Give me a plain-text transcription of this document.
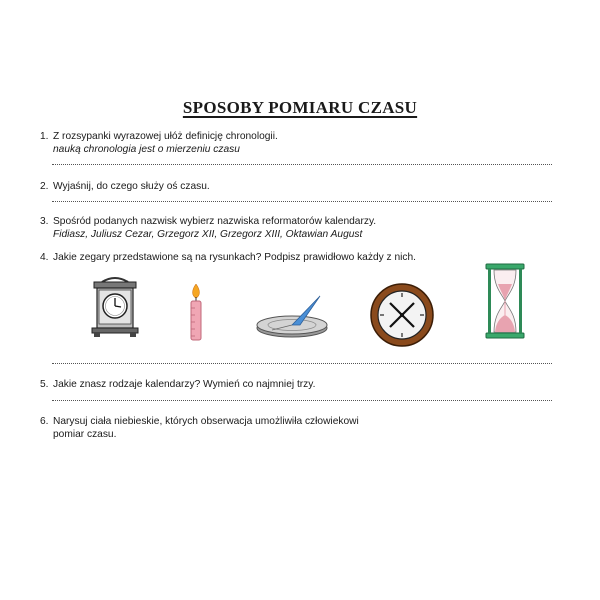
SPOSOBY POMIARU CZASU
1. Z rozsypanki wyrazowej ułóż definicję chronologii.
nauką chronologia jest o mierzeniu czasu
2. Wyjaśnij, do czego służy oś czasu.
3. Spośród podanych nazwisk wybierz nazwiska reformatorów kalendarzy.
Fidiasz, Juliusz Cezar, Grzegorz XII, Grzegorz XIII, Oktawian August
4. Jakie zegary przedstawione są na rysunkach? Podpisz prawidłowo każdy z nich.
5. Jakie znasz rodzaje kalendarzy? Wymień co najmniej trzy.
6. Narysuj ciała niebieskie, których obserwacja umożliwiła człowiekowi
pomiar czasu.
